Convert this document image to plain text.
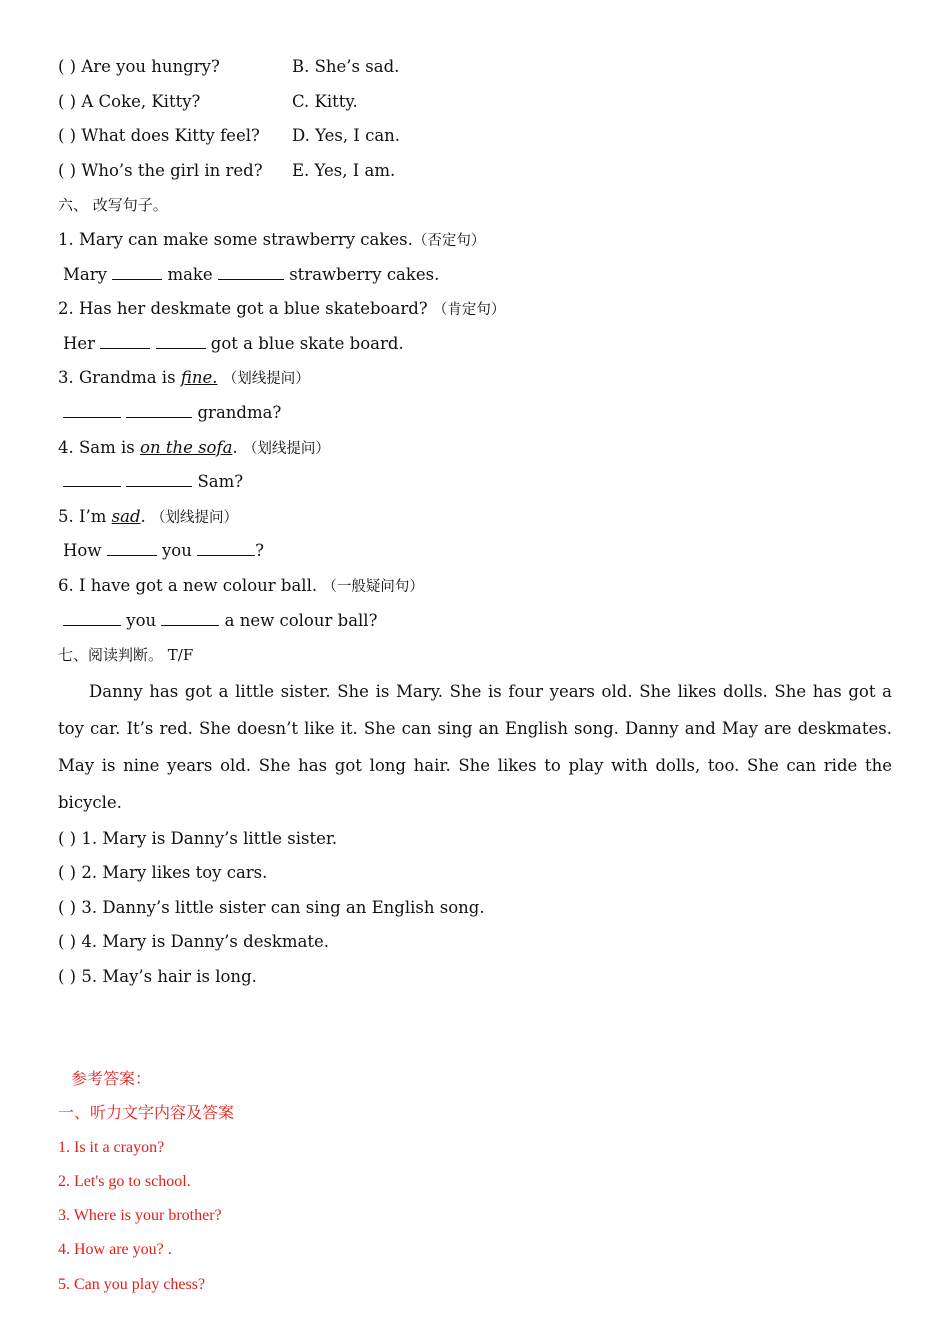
( ) Are you hungry?	B. She’s sad.
( ) A Coke, Kitty?	C. Kitty.
( ) What does Kitty feel?	D. Yes, I can.
( ) Who’s the girl in red?	E. Yes, I am.
六、 改写句子。
1. Mary can make some strawberry cakes.（否定句）
Mary	make	strawberry cakes.
2. Has her deskmate got a blue skateboard? （肯定句）
Her	got a blue skate board.
3. Grandma is fine. （划线提问）
grandma?
4. Sam is on the sofa. （划线提问）
Sam?
5. I’m sad. （划线提问）
How	you	?
6. I have got a new colour ball. （一般疑问句）
you	a new colour ball?
七、阅读判断。 T/F

Danny has got a little sister. She is Mary. She is four years old. She likes dolls. She has got a toy car. It’s red. She doesn’t like it. She can sing an English song. Danny and May are deskmates. May is nine years old. She has got long hair. She likes to play with dolls, too. She can ride the bicycle.

( ) 1. Mary is Danny’s little sister.
( ) 2. Mary likes toy cars.
( ) 3. Danny’s little sister can sing an English song.
( ) 4. Mary is Danny’s deskmate.
( ) 5. May’s hair is long.
参考答案：
一、听力文字内容及答案
1. Is it a crayon?
2. Let's go to school.
3. Where is your brother?
4. How are you? .
5. Can you play chess?
